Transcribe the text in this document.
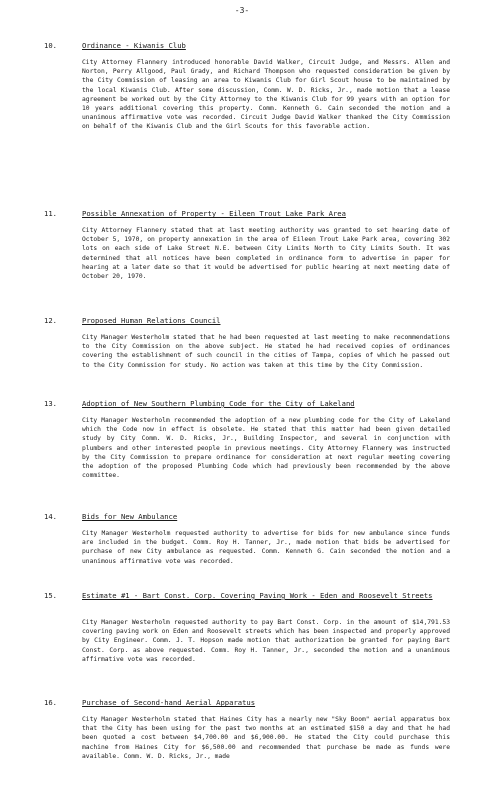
-3-
10.	Ordinance - Kiwanis Club
City Attorney Flannery introduced honorable David Walker, Circuit Judge, and Messrs. Allen and Norton, Perry Allgood, Paul Grady, and Richard Thompson who requested consideration be given by the City Commission of leasing an area to Kiwanis Club for Girl Scout house to be maintained by the local Kiwanis Club. After some discussion, Comm. W. D. Ricks, Jr., made motion that a lease agreement be worked out by the City Attorney to the Kiwanis Club for 99 years with an option for 10 years additional covering this property. Comm. Kenneth G. Cain seconded the motion and a unanimous affirmative vote was recorded. Circuit Judge David Walker thanked the City Commission on behalf of the Kiwanis Club and the Girl Scouts for this favorable action.
11.	Possible Annexation of Property - Eileen Trout Lake Park Area
City Attorney Flannery stated that at last meeting authority was granted to set hearing date of October 5, 1970, on property annexation in the area of Eileen Trout Lake Park area, covering 302 lots on each side of Lake Street N.E. between City Limits North to City Limits South. It was determined that all notices have been completed in ordinance form to advertise in paper for hearing at a later date so that it would be advertised for public hearing at next meeting date of October 20, 1970.
12.	Proposed Human Relations Council
City Manager Westerholm stated that he had been requested at last meeting to make recommendations to the City Commission on the above subject. He stated he had received copies of ordinances covering the establishment of such council in the cities of Tampa, copies of which he passed out to the City Commission for study. No action was taken at this time by the City Commission.
13.	Adoption of New Southern Plumbing Code for the City of Lakeland
City Manager Westerholm recommended the adoption of a new plumbing code for the City of Lakeland which the Code now in effect is obsolete. He stated that this matter had been given detailed study by City Comm. W. D. Ricks, Jr., Building Inspector, and several in conjunction with plumbers and other interested people in previous meetings. City Attorney Flannery was instructed by the City Commission to prepare ordinance for consideration at next regular meeting covering the adoption of the proposed Plumbing Code which had previously been recommended by the above committee.
14.	Bids for New Ambulance
City Manager Westerholm requested authority to advertise for bids for new ambulance since funds are included in the budget. Comm. Roy H. Tanner, Jr., made motion that bids be advertised for purchase of new City ambulance as requested. Comm. Kenneth G. Cain seconded the motion and a unanimous affirmative vote was recorded.
15.	Estimate #1 - Bart Const. Corp. Covering Paving Work - Eden and Roosevelt Streets
City Manager Westerholm requested authority to pay Bart Const. Corp. in the amount of $14,791.53 covering paving work on Eden and Roosevelt streets which has been inspected and properly approved by City Engineer. Comm. J. T. Hopson made motion that authorization be granted for paying Bart Const. Corp. as above requested. Comm. Roy H. Tanner, Jr., seconded the motion and a unanimous affirmative vote was recorded.
16.	Purchase of Second-hand Aerial Apparatus
City Manager Westerholm stated that Haines City has a nearly new "Sky Boom" aerial apparatus box that the City has been using for the past two months at an estimated $150 a day and that he had been quoted a cost between $4,700.00 and $6,900.00. He stated the City could purchase this machine from Haines City for $6,500.00 and recommended that purchase be made as funds were available. Comm. W. D. Ricks, Jr., made
